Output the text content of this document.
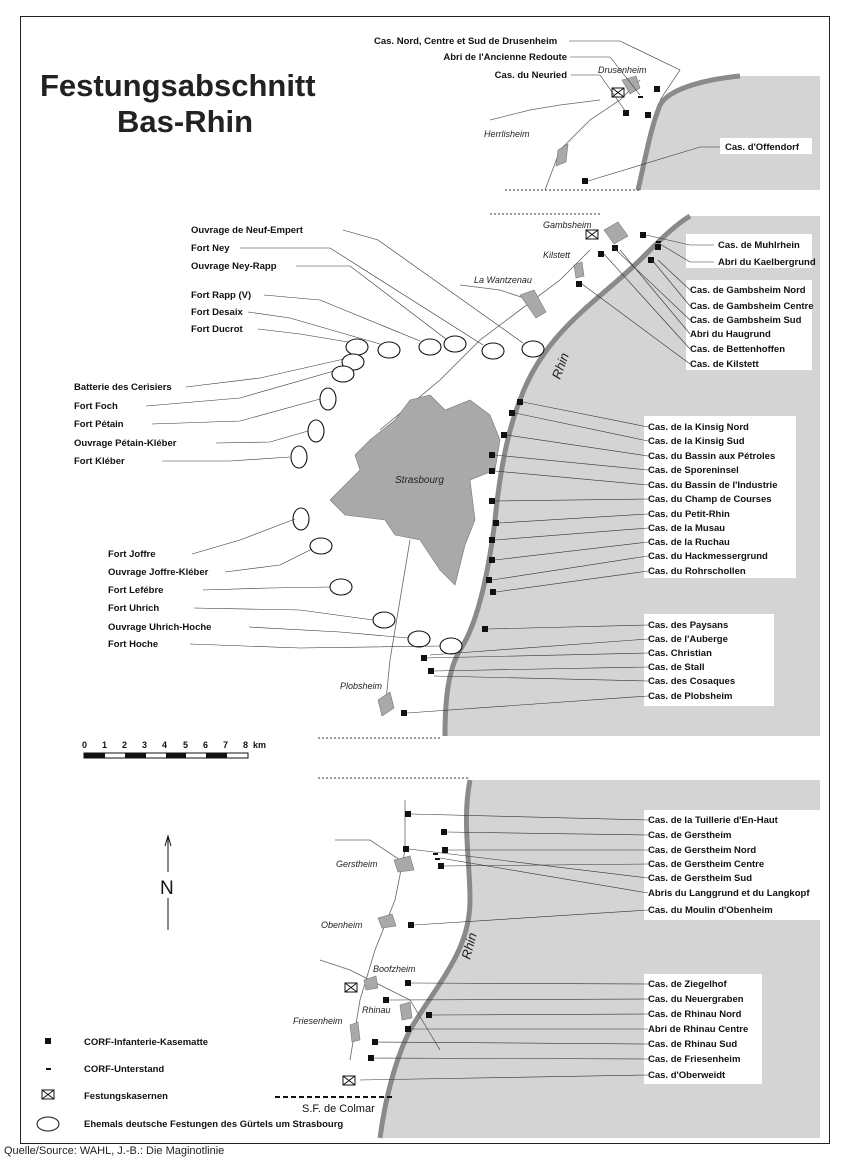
Rhin
Rhin
Festungsabschnitt
Bas-Rhin
Drusenheim
Herrlisheim
Gambsheim
Kilstett
La Wantzenau
Strasbourg
Plobsheim
Gerstheim
Obenheim
Boofzheim
Rhinau
Friesenheim
Ouvrage de Neuf-Empert
Fort Ney
Ouvrage Ney-Rapp
Fort Rapp (V)
Fort Desaix
Fort Ducrot
Batterie des Cerisiers
Fort Foch
Fort Pétain
Ouvrage Pétain-Kléber
Fort Kléber
Fort Joffre
Ouvrage Joffre-Kléber
Fort Lefébre
Fort Uhrich
Ouvrage Uhrich-Hoche
Fort Hoche
Cas. Nord, Centre et Sud de Drusenheim
Abri de l'Ancienne Redoute
Cas. du Neuried
Cas. d'Offendorf
Cas. de Muhlrhein
Abri du Kaelbergrund
Cas. de Gambsheim Nord
Cas. de Gambsheim Centre
Cas. de Gambsheim Sud
Abri du Haugrund
Cas. de Bettenhoffen
Cas. de Kilstett
Cas. de la Kinsig Nord
Cas. de la Kinsig Sud
Cas. du Bassin aux Pétroles
Cas. de Sporeninsel
Cas. du Bassin de l'Industrie
Cas. du Champ de Courses
Cas. du Petit-Rhin
Cas. de la Musau
Cas. de la Ruchau
Cas. du Hackmessergrund
Cas. du Rohrschollen
Cas. des Paysans
Cas. de l'Auberge
Cas. Christian
Cas. de Stall
Cas. des Cosaques
Cas. de Plobsheim
Cas. de la Tuillerie d'En-Haut
Cas. de Gerstheim
Cas. de Gerstheim Nord
Cas. de Gerstheim Centre
Cas. de Gerstheim Sud
Abris du Langgrund et du Langkopf
Cas. du Moulin d'Obenheim
Cas. de Ziegelhof
Cas. du Neuergraben
Cas. de Rhinau Nord
Abri de Rhinau Centre
Cas. de Rhinau Sud
Cas. de Friesenheim
Cas. d'Oberweidt
S.F. de Colmar
0 1 2 3 4 5 6 7 8 km
N
CORF-Infanterie-Kasematte
CORF-Unterstand
Festungskasernen
Ehemals deutsche Festungen des Gürtels um Strasbourg
Quelle/Source: WAHL, J.-B.: Die Maginotlinie
